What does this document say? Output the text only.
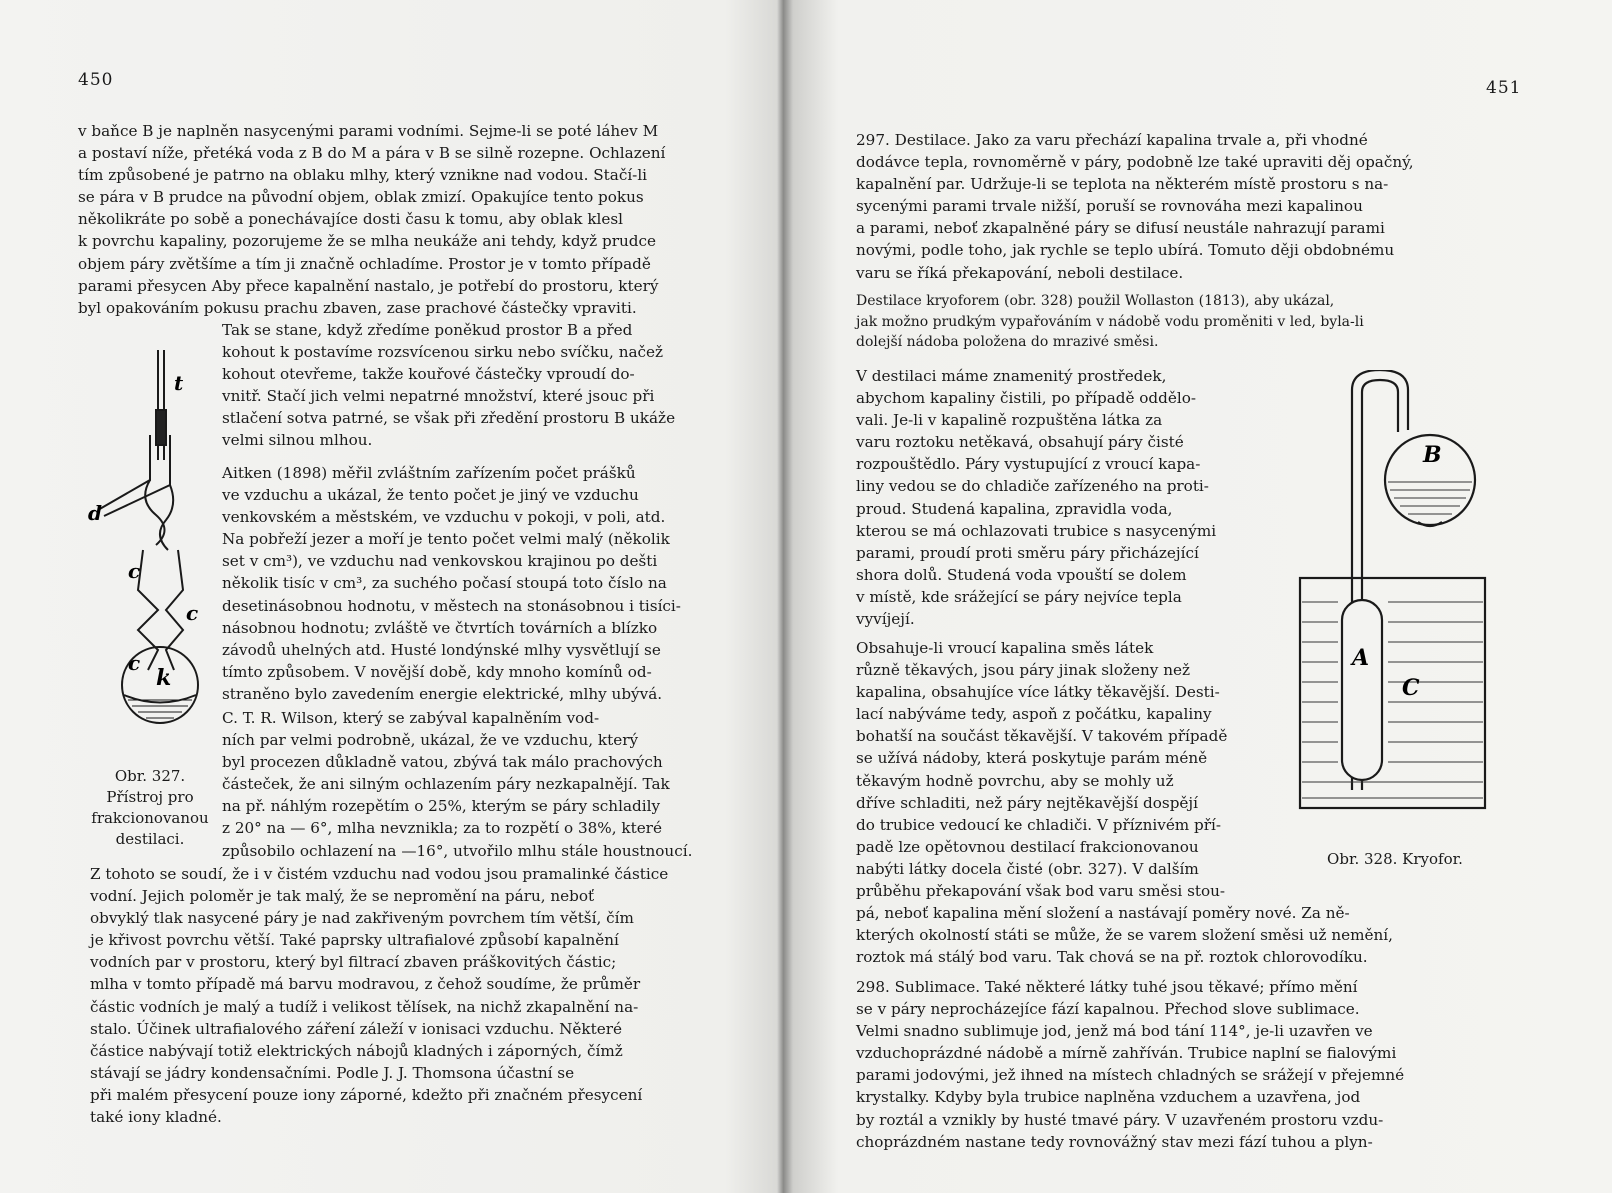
450

v baňce B je naplněn nasycenými parami vodními. Sejme-li se poté láhev M

a postaví níže, přetéká voda z B do M a pára v B se silně rozepne. Ochlazení

tím způsobené je patrno na oblaku mlhy, který vznikne nad vodou. Stačí-li

se pára v B prudce na původní objem, oblak zmizí. Opakujíce tento pokus

několikráte po sobě a ponechávajíce dosti času k tomu, aby oblak klesl

k povrchu kapaliny, pozorujeme že se mlha neukáže ani tehdy, když prudce

objem páry zvětšíme a tím ji značně ochladíme. Prostor je v tomto případě

parami přesycen Aby přece kapalnění nastalo, je potřebí do prostoru, který

byl opakováním pokusu prachu zbaven, zase prachové částečky vpraviti.

t
d
c
c
c
k
Obr. 327.
Přístroj pro
frakcionovanou
destilaci.

Tak se stane, když zředíme poněkud prostor B a před

kohout k postavíme rozsvícenou sirku nebo svíčku, načež

kohout otevřeme, takže kouřové částečky vproudí do-

vnitř. Stačí jich velmi nepatrné množství, které jsouc při

stlačení sotva patrné, se však při zředění prostoru B ukáže

velmi silnou mlhou.

Aitken (1898) měřil zvláštním zařízením počet prášků

ve vzduchu a ukázal, že tento počet je jiný ve vzduchu

venkovském a městském, ve vzduchu v pokoji, v poli, atd.

Na pobřeží jezer a moří je tento počet velmi malý (několik

set v cm³), ve vzduchu nad venkovskou krajinou po dešti

několik tisíc v cm³, za suchého počasí stoupá toto číslo na

desetinásobnou hodnotu, v městech na stonásobnou i tisíci-

násobnou hodnotu; zvláště ve čtvrtích továrních a blízko

závodů uhelných atd. Husté londýnské mlhy vysvětlují se

tímto způsobem. V novější době, kdy mnoho komínů od-

straněno bylo zavedením energie elektrické, mlhy ubývá.

C. T. R. Wilson, který se zabýval kapalněním vod-

ních par velmi podrobně, ukázal, že ve vzduchu, který

byl procezen důkladně vatou, zbývá tak málo prachových

částeček, že ani silným ochlazením páry nezkapalnějí. Tak

na př. náhlým rozepětím o 25%, kterým se páry schladily

z 20° na — 6°, mlha nevznikla; za to rozpětí o 38%, které

způsobilo ochlazení na —16°, utvořilo mlhu stále houstnoucí.

Z tohoto se soudí, že i v čistém vzduchu nad vodou jsou pramalinké částice

vodní. Jejich poloměr je tak malý, že se nepromění na páru, neboť

obvyklý tlak nasycené páry je nad zakřiveným povrchem tím větší, čím

je křivost povrchu větší. Také paprsky ultrafialové způsobí kapalnění

vodních par v prostoru, který byl filtrací zbaven práškovitých částic;

mlha v tomto případě má barvu modravou, z čehož soudíme, že průměr

částic vodních je malý a tudíž i velikost tělísek, na nichž zkapalnění na-

stalo. Účinek ultrafialového záření záleží v ionisaci vzduchu. Některé

částice nabývají totiž elektrických nábojů kladných i záporných, čímž

stávají se jádry kondensačními. Podle J. J. Thomsona účastní se

při malém přesycení pouze iony záporné, kdežto při značném přesycení

také iony kladné.

451

297. Destilace. Jako za varu přechází kapalina trvale a, při vhodné

dodávce tepla, rovnoměrně v páry, podobně lze také upraviti děj opačný,

kapalnění par. Udržuje-li se teplota na některém místě prostoru s na-

sycenými parami trvale nižší, poruší se rovnováha mezi kapalinou

a parami, neboť zkapalněné páry se difusí neustále nahrazují parami

novými, podle toho, jak rychle se teplo ubírá. Tomuto ději obdobnému

varu se říká překapování, neboli destilace.

Destilace kryoforem (obr. 328) použil Wollaston (1813), aby ukázal,

jak možno prudkým vypařováním v nádobě vodu proměniti v led, byla-li

dolejší nádoba položena do mrazivé směsi.

V destilaci máme znamenitý prostředek,

abychom kapaliny čistili, po případě oddělo-

vali. Je-li v kapalině rozpuštěna látka za

varu roztoku netěkavá, obsahují páry čisté

rozpouštědlo. Páry vystupující z vroucí kapa-

liny vedou se do chladiče zařízeného na proti-

proud. Studená kapalina, zpravidla voda,

kterou se má ochlazovati trubice s nasycenými

parami, proudí proti směru páry přicházející

shora dolů. Studená voda vpouští se dolem

v místě, kde srážející se páry nejvíce tepla

vyvíjejí.

Obsahuje-li vroucí kapalina směs látek

různě těkavých, jsou páry jinak složeny než

kapalina, obsahujíce více látky těkavější. Desti-

lací nabýváme tedy, aspoň z počátku, kapaliny

bohatší na součást těkavější. V takovém případě

se užívá nádoby, která poskytuje parám méně

těkavým hodně povrchu, aby se mohly už

dříve schladiti, než páry nejtěkavější dospějí

do trubice vedoucí ke chladiči. V příznivém pří-

padě lze opětovnou destilací frakcionovanou

nabýti látky docela čisté (obr. 327). V dalším

průběhu překapování však bod varu směsi stou-

pá, neboť kapalina mění složení a nastávají poměry nové. Za ně-

kterých okolností státi se může, že se varem složení směsi už nemění,

roztok má stálý bod varu. Tak chová se na př. roztok chlorovodíku.

298. Sublimace. Také některé látky tuhé jsou těkavé; přímo mění

se v páry neprocházejíce fází kapalnou. Přechod slove sublimace.

Velmi snadno sublimuje jod, jenž má bod tání 114°, je-li uzavřen ve

vzduchoprázdné nádobě a mírně zahříván. Trubice naplní se fialovými

parami jodovými, jež ihned na místech chladných se srážejí v přejemné

krystalky. Kdyby byla trubice naplněna vzduchem a uzavřena, jod

by roztál a vznikly by husté tmavé páry. V uzavřeném prostoru vzdu-

choprázdném nastane tedy rovnovážný stav mezi fází tuhou a plyn-

B
A
C
Obr. 328. Kryofor.
